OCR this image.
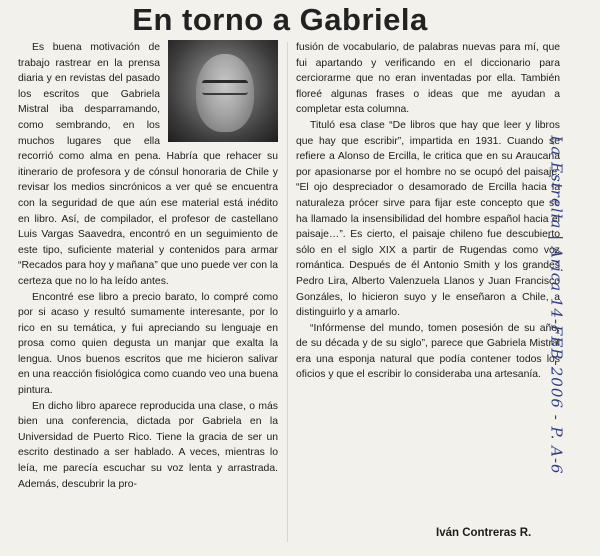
En torno a Gabriela

Es buena motivación de trabajo rastrear en la prensa diaria y en revistas del pasado los escritos que Gabriela Mistral iba desparramando, como sembrando, en los muchos lugares que ella recorrió como alma en pena. Habría que rehacer su itinerario de profesora y de cónsul honoraria de Chile y revisar los medios sincrónicos a ver qué se encuentra con la seguridad de que aún ese material está inédito en libro. Así, de compilador, el profesor de castellano Luis Vargas Saavedra, encontró en un seguimiento de este tipo, suficiente material y contenidos para armar “Recados para hoy y mañana” que uno puede ver con la certeza que no lo ha leído antes.

Encontré ese libro a precio barato, lo compré como por si acaso y resultó sumamente interesante, por lo rico en su temática, y fui apreciando su lenguaje en prosa como quien degusta un manjar que exalta la lengua. Unos buenos escritos que me hicieron salivar en una reacción fisiológica como cuando veo una buena pintura.

En dicho libro aparece reproducida una clase, o más bien una conferencia, dictada por Gabriela en la Universidad de Puerto Rico. Tiene la gracia de ser un escrito destinado a ser hablado. A veces, mientras lo leía, me parecía escuchar su voz lenta y arrastrada. Además, descubrir la pro-

fusión de vocabulario, de palabras nuevas para mí, que fui apartando y verificando en el diccionario para cerciorarme que no eran inventadas por ella. También floreé algunas frases o ideas que me ayudan a completar esta columna.

Tituló esa clase “De libros que hay que leer y libros que hay que escribir”, impartida en 1931. Cuando se refiere a Alonso de Ercilla, le critica que en su Araucana por apasionarse por el hombre no se ocupó del paisaje: “El ojo despreciador o desamorado de Ercilla hacia la naturaleza prócer sirve para fijar este concepto que se ha llamado la insensibilidad del hombre español hacia el paisaje…”. Es cierto, el paisaje chileno fue descubierto sólo en el siglo XIX a partir de Rugendas como voz romántica. Después de él Antonio Smith y los grandes Pedro Lira, Alberto Valenzuela Llanos y Juan Francisco Gonzáles, lo hicieron suyo y le enseñaron a Chile, a distinguirlo y a amarlo.

“Infórmense del mundo, tomen posesión de su año, de su década y de su siglo”, parece que Gabriela Mistral era una esponja natural que podía contener todos los oficios y que el escribir lo consideraba una artesanía.

Iván Contreras R.
La Estrella | Arica 14-FEB-2006 - P. A-6
